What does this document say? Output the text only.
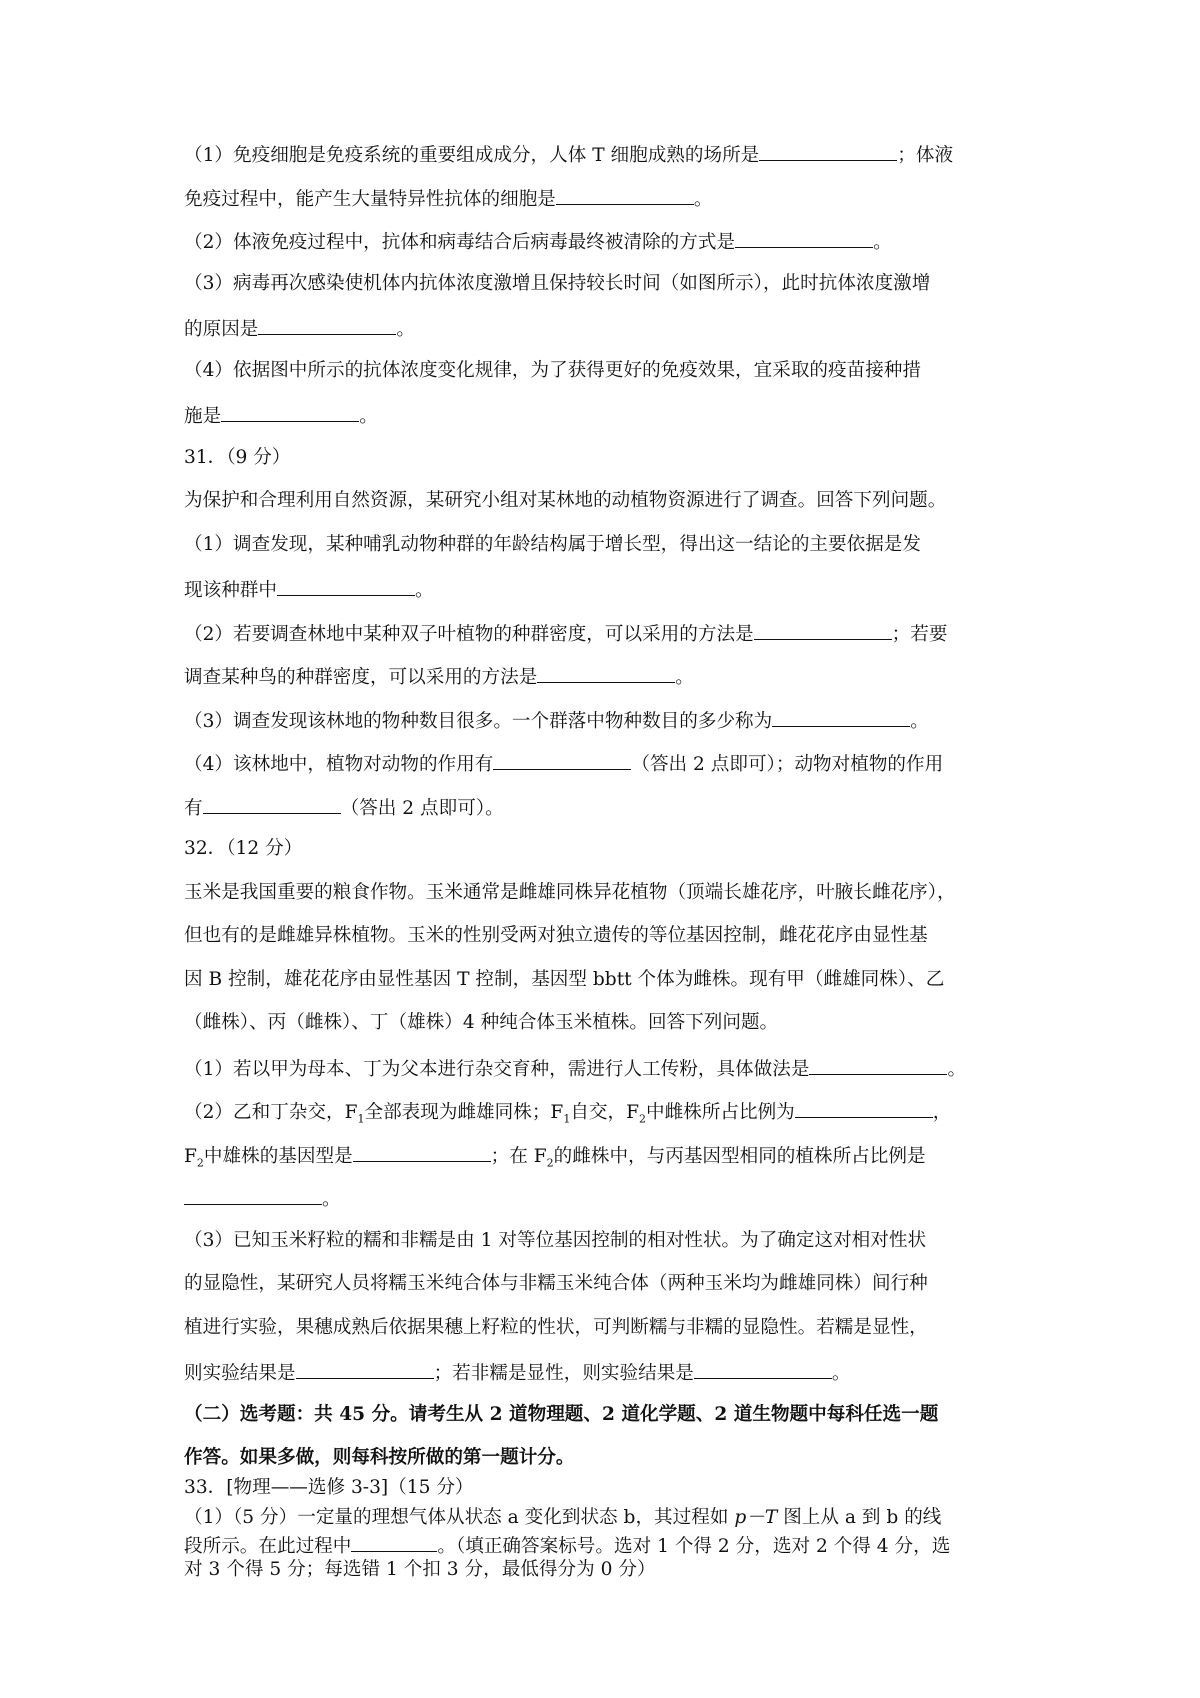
（1）免疫细胞是免疫系统的重要组成成分，人体 T 细胞成熟的场所是	；体液
免疫过程中，能产生大量特异性抗体的细胞是	。
（2）体液免疫过程中，抗体和病毒结合后病毒最终被清除的方式是	。
（3）病毒再次感染使机体内抗体浓度激增且保持较长时间（如图所示），此时抗体浓度激增
的原因是	。
（4）依据图中所示的抗体浓度变化规律，为了获得更好的免疫效果，宜采取的疫苗接种措
施是	。
31．（9 分）
为保护和合理利用自然资源，某研究小组对某林地的动植物资源进行了调查。回答下列问题。
（1）调查发现，某种哺乳动物种群的年龄结构属于增长型，得出这一结论的主要依据是发
现该种群中	。
（2）若要调查林地中某种双子叶植物的种群密度，可以采用的方法是	；若要
调查某种鸟的种群密度，可以采用的方法是	。
（3）调查发现该林地的物种数目很多。一个群落中物种数目的多少称为	。
（4）该林地中，植物对动物的作用有	（答出 2 点即可）；动物对植物的作用
有	（答出 2 点即可）。
32．（12 分）
玉米是我国重要的粮食作物。玉米通常是雌雄同株异花植物（顶端长雄花序，叶腋长雌花序），
但也有的是雌雄异株植物。玉米的性别受两对独立遗传的等位基因控制，雌花花序由显性基
因 B 控制，雄花花序由显性基因 T 控制，基因型 bbtt 个体为雌株。现有甲（雌雄同株）、乙
（雌株）、丙（雌株）、丁（雄株）4 种纯合体玉米植株。回答下列问题。
（1）若以甲为母本、丁为父本进行杂交育种，需进行人工传粉，具体做法是	。
（2）乙和丁杂交，$F_1$全部表现为雌雄同株；$F_1$自交，$F_2$中雌株所占比例为	，
$F_2$中雄株的基因型是	；在 $F_2$的雌株中，与丙基因型相同的植株所占比例是
。
（3）已知玉米籽粒的糯和非糯是由 1 对等位基因控制的相对性状。为了确定这对相对性状
的显隐性，某研究人员将糯玉米纯合体与非糯玉米纯合体（两种玉米均为雌雄同株）间行种
植进行实验，果穗成熟后依据果穗上籽粒的性状，可判断糯与非糯的显隐性。若糯是显性，
则实验结果是	；若非糯是显性，则实验结果是	。
（二）选考题：共 45 分。请考生从 2 道物理题、2 道化学题、2 道生物题中每科任选一题
作答。如果多做，则每科按所做的第一题计分。
33．[物理——选修 3-3]（15 分）
（1）（5 分）一定量的理想气体从状态 a 变化到状态 b，其过程如 p－T 图上从 a 到 b 的线
段所示。在此过程中	。（填正确答案标号。选对 1 个得 2 分，选对 2 个得 4 分，选
对 3 个得 5 分；每选错 1 个扣 3 分，最低得分为 0 分）
